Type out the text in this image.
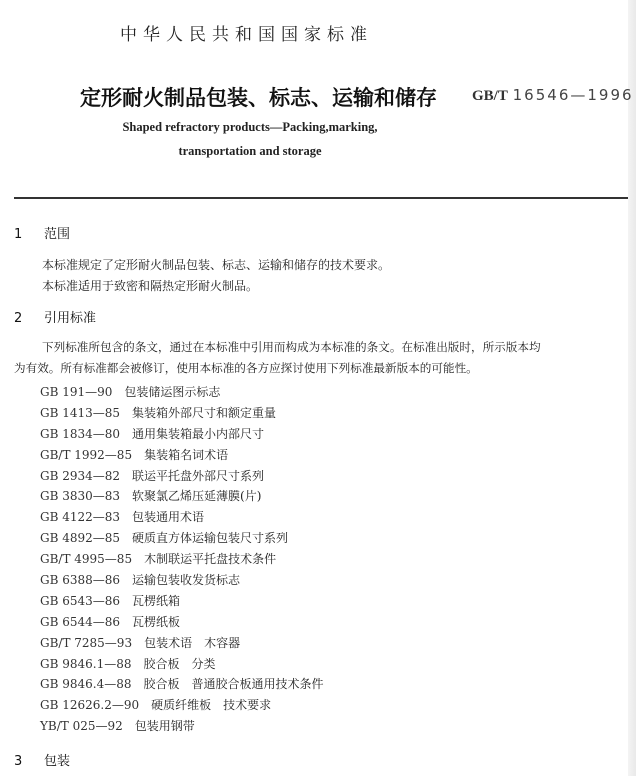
中华人民共和国国家标准
定形耐火制品包装、标志、运输和储存 GB/T 16546—1996
Shaped refractory products—Packing,marking,
transportation and storage
1 范围
本标准规定了定形耐火制品包装、标志、运输和储存的技术要求。
本标准适用于致密和隔热定形耐火制品。
2 引用标准
下列标准所包含的条文，通过在本标准中引用而构成为本标准的条文。在标准出版时，所示版本均
为有效。所有标准都会被修订，使用本标准的各方应探讨使用下列标准最新版本的可能性。
GB 191—90 包装储运图示标志
GB 1413—85 集装箱外部尺寸和额定重量
GB 1834—80 通用集装箱最小内部尺寸
GB/T 1992—85 集装箱名词术语
GB 2934—82 联运平托盘外部尺寸系列
GB 3830—83 软聚氯乙烯压延薄膜(片)
GB 4122—83 包装通用术语
GB 4892—85 硬质直方体运输包装尺寸系列
GB/T 4995—85 木制联运平托盘技术条件
GB 6388—86 运输包装收发货标志
GB 6543—86 瓦楞纸箱
GB 6544—86 瓦楞纸板
GB/T 7285—93 包装术语　木容器
GB 9846.1—88 胶合板　分类
GB 9846.4—88 胶合板　普通胶合板通用技术条件
GB 12626.2—90 硬质纤维板　技术要求
YB/T 025—92 包装用钢带
3 包装
